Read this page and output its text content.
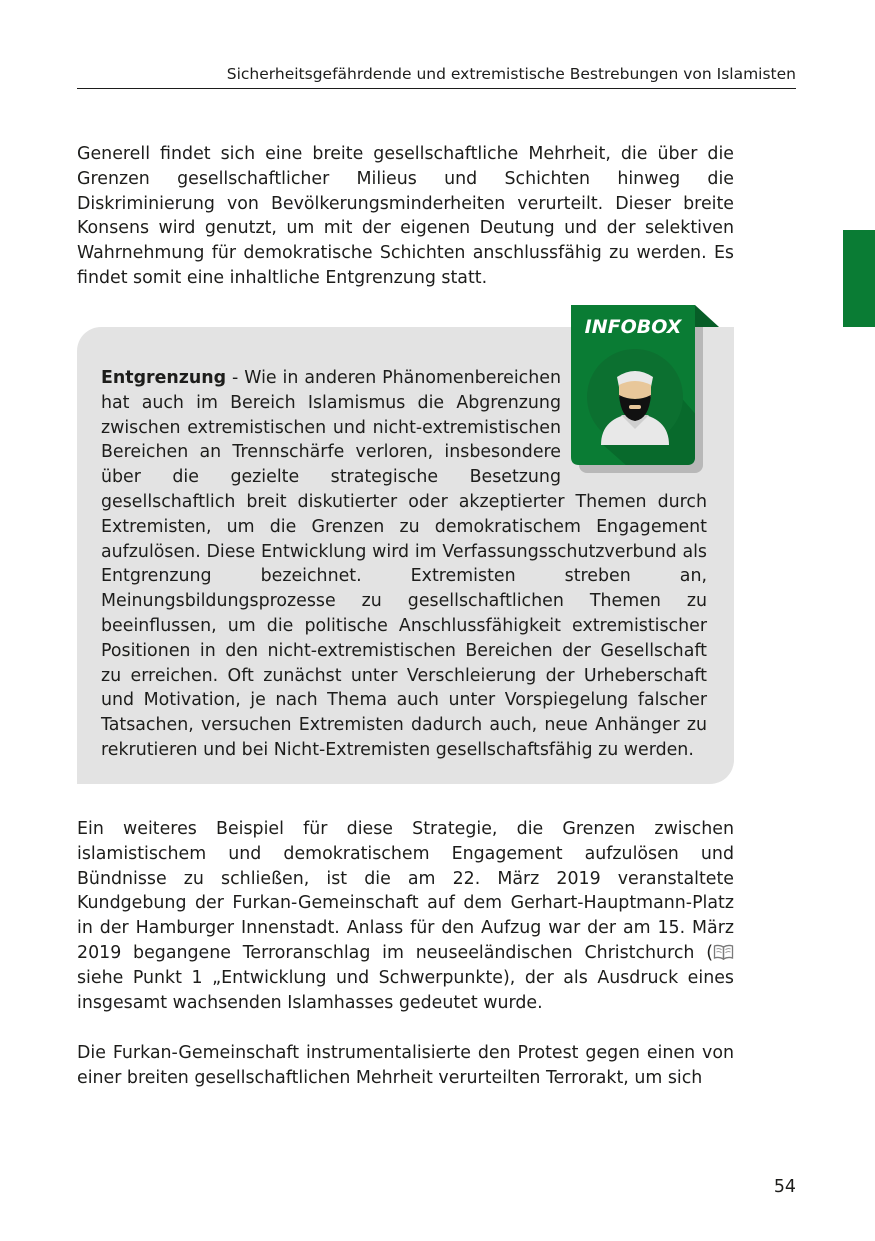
Sicherheitsgefährdende und extremistische Bestrebungen von Islamisten

Generell findet sich eine breite gesellschaftliche Mehrheit, die über die Grenzen gesellschaftlicher Milieus und Schichten hinweg die Diskriminierung von Bevölkerungsminderheiten verurteilt. Dieser breite Konsens wird genutzt, um mit der eigenen Deutung und der selektiven Wahrnehmung für demokratische Schichten anschlussfähig zu werden. Es findet somit eine inhaltliche Entgrenzung statt.

Entgrenzung - Wie in anderen Phänomenbereichen hat auch im Bereich Islamismus die Abgrenzung zwischen extremistischen und nicht-extremistischen Bereichen an Trennschärfe verloren, insbesondere über die gezielte strategische Besetzung gesellschaftlich breit diskutierter oder akzeptierter Themen durch Extremisten, um die Grenzen zu demokratischem Engagement aufzulösen. Diese Entwicklung wird im Verfassungsschutzverbund als Entgrenzung bezeichnet. Extremisten streben an, Meinungsbildungsprozesse zu gesellschaftlichen Themen zu beeinflussen, um die politische Anschlussfähigkeit extremistischer Positionen in den nicht-extremistischen Bereichen der Gesellschaft zu erreichen. Oft zunächst unter Verschleierung der Urheberschaft und Motivation, je nach Thema auch unter Vorspiegelung falscher Tatsachen, versuchen Extremisten dadurch auch, neue Anhänger zu rekrutieren und bei Nicht-Extremisten gesellschaftsfähig zu werden.

INFOBOX

Ein weiteres Beispiel für diese Strategie, die Grenzen zwischen islamistischem und demokratischem Engagement aufzulösen und Bündnisse zu schließen, ist die am 22. März 2019 veranstaltete Kundgebung der Furkan-Gemeinschaft auf dem Gerhart-Hauptmann-Platz in der Hamburger Innenstadt. Anlass für den Aufzug war der am 15. März 2019 begangene Terroranschlag im neuseeländischen Christchurch ( siehe Punkt 1 „Entwicklung und Schwerpunkte), der als Ausdruck eines insgesamt wachsenden Islamhasses gedeutet wurde.

Die Furkan-Gemeinschaft instrumentalisierte den Protest gegen einen von einer breiten gesellschaftlichen Mehrheit verurteilten Terrorakt, um sich

54
